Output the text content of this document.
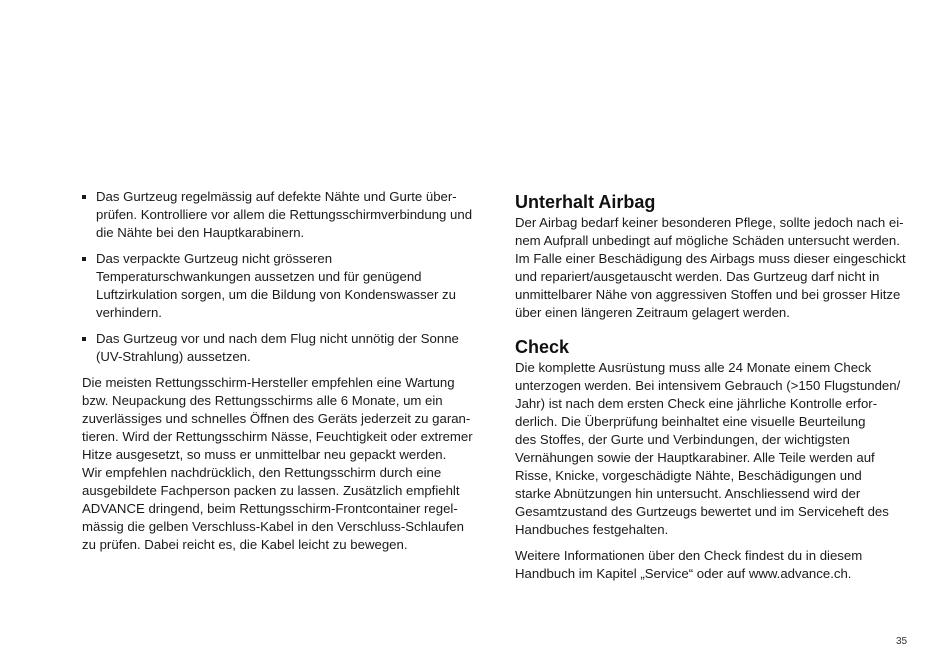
Das Gurtzeug regelmässig auf defekte Nähte und Gurte über-
prüfen. Kontrolliere vor allem die Rettungsschirmverbindung und
die Nähte bei den Hauptkarabinern.
Das verpackte Gurtzeug nicht grösseren
Temperaturschwankungen aussetzen und für genügend
Luftzirkulation sorgen, um die Bildung von Kondenswasser zu
verhindern.
Das Gurtzeug vor und nach dem Flug nicht unnötig der Sonne
(UV-Strahlung) aussetzen.
Die meisten Rettungsschirm-Hersteller empfehlen eine Wartung
bzw. Neupackung des Rettungsschirms alle 6 Monate, um ein
zuverlässiges und schnelles Öffnen des Geräts jederzeit zu garan-
tieren. Wird der Rettungsschirm Nässe, Feuchtigkeit oder extremer
Hitze ausgesetzt, so muss er unmittelbar neu gepackt werden.
Wir empfehlen nachdrücklich, den Rettungsschirm durch eine
ausgebildete Fachperson packen zu lassen. Zusätzlich empfiehlt
ADVANCE dringend, beim Rettungsschirm-Frontcontainer regel-
mässig die gelben Verschluss-Kabel in den Verschluss-Schlaufen
zu prüfen. Dabei reicht es, die Kabel leicht zu bewegen.
Unterhalt Airbag
Der Airbag bedarf keiner besonderen Pflege, sollte jedoch nach ei-
nem Aufprall unbedingt auf mögliche Schäden untersucht werden.
Im Falle einer Beschädigung des Airbags muss dieser eingeschickt
und repariert/ausgetauscht werden. Das Gurtzeug darf nicht in
unmittelbarer Nähe von aggressiven Stoffen und bei grosser Hitze
über einen längeren Zeitraum gelagert werden.
Check
Die komplette Ausrüstung muss alle 24 Monate einem Check
unterzogen werden. Bei intensivem Gebrauch (>150 Flugstunden/
Jahr) ist nach dem ersten Check eine jährliche Kontrolle erfor-
derlich. Die Überprüfung beinhaltet eine visuelle Beurteilung
des Stoffes, der Gurte und Verbindungen, der wichtigsten
Vernähungen sowie der Hauptkarabiner. Alle Teile werden auf
Risse, Knicke, vorgeschädigte Nähte, Beschädigungen und
starke Abnützungen hin untersucht. Anschliessend wird der
Gesamtzustand des Gurtzeugs bewertet und im Serviceheft des
Handbuches festgehalten.
Weitere Informationen über den Check findest du in diesem
Handbuch im Kapitel „Service“ oder auf www.advance.ch.
35
